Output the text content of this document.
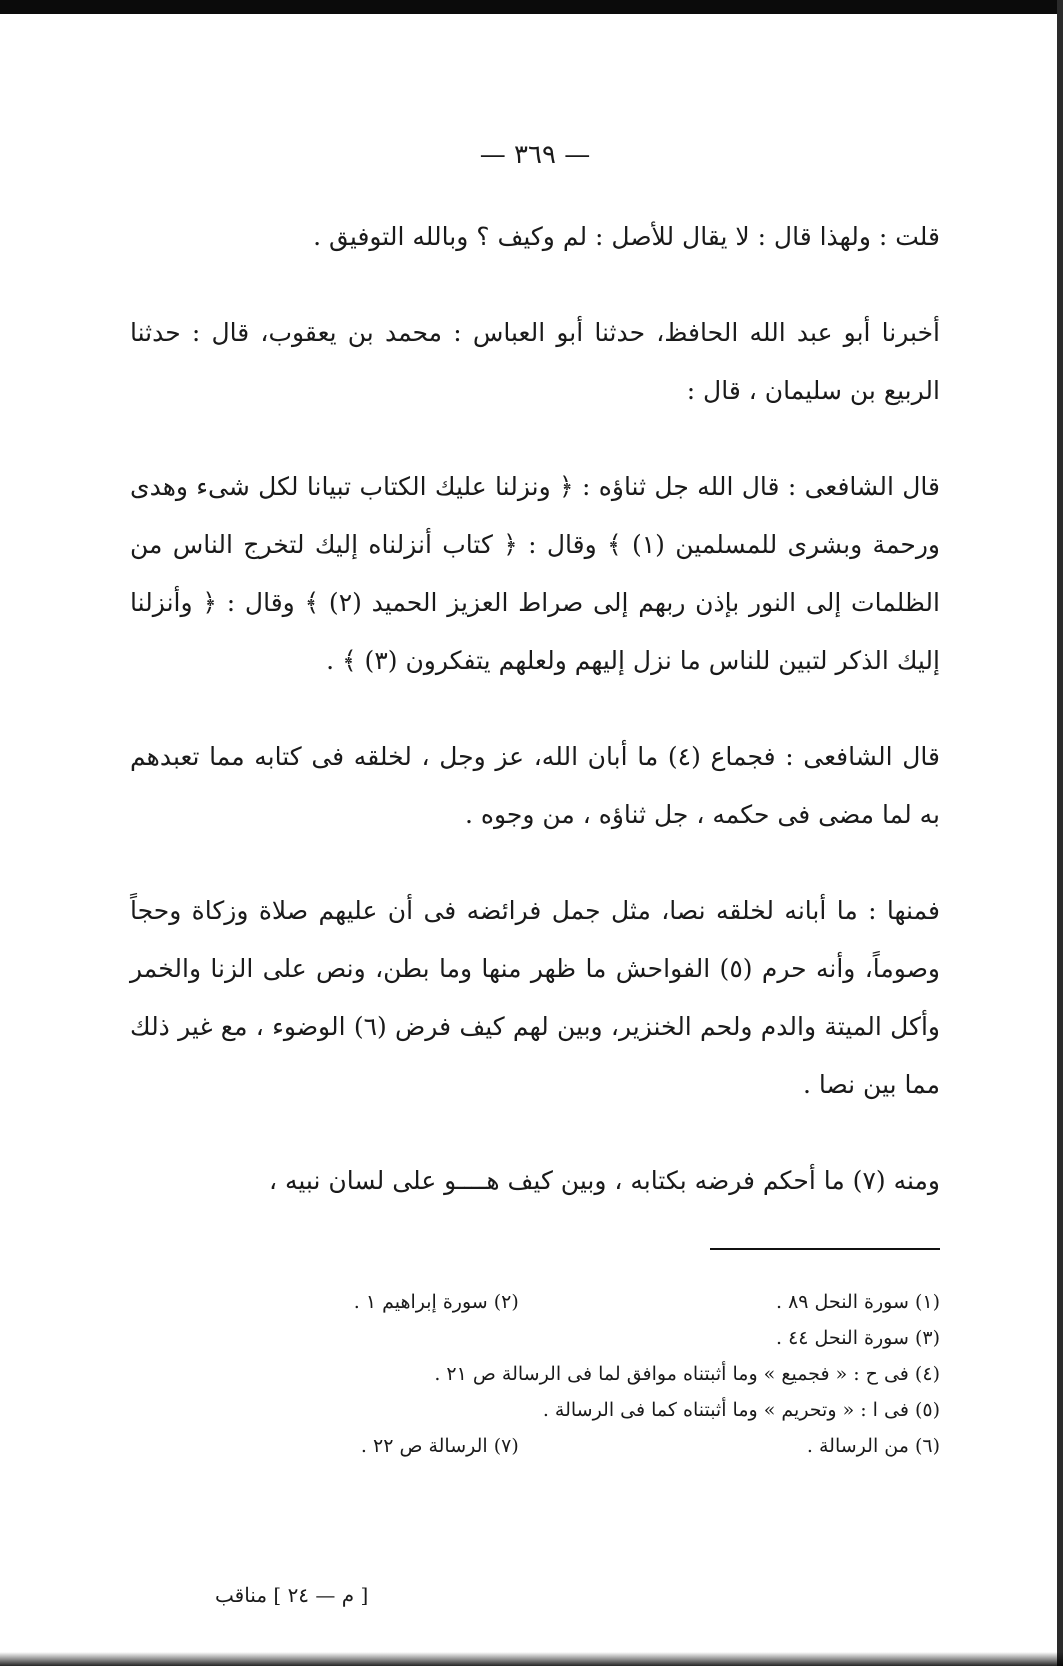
— ٣٦٩ —

قلت : ولهذا قال : لا يقال للأصل : لم وكيف ؟ وبالله التوفيق .

أخبرنا أبو عبد الله الحافظ، حدثنا أبو العباس : محمد بن يعقوب، قال : حدثنا الربيع بن سليمان ، قال :

قال الشافعى : قال الله جل ثناؤه : ﴿ ونزلنا عليك الكتاب تبيانا لكل شىء وهدى ورحمة وبشرى للمسلمين (١) ﴾ وقال : ﴿ كتاب أنزلناه إليك لتخرج الناس من الظلمات إلى النور بإذن ربهم إلى صراط العزيز الحميد (٢) ﴾ وقال : ﴿ وأنزلنا إليك الذكر لتبين للناس ما نزل إليهم ولعلهم يتفكرون (٣) ﴾ .

قال الشافعى : فجماع (٤) ما أبان الله، عز وجل ، لخلقه فى كتابه مما تعبدهم به لما مضى فى حكمه ، جل ثناؤه ، من وجوه .

فمنها : ما أبانه لخلقه نصا، مثل جمل فرائضه فى أن عليهم صلاة وزكاة وحجاً وصوماً، وأنه حرم (٥) الفواحش ما ظهر منها وما بطن، ونص على الزنا والخمر وأكل الميتة والدم ولحم الخنزير، وبين لهم كيف فرض (٦) الوضوء ، مع غير ذلك مما بين نصا .

ومنه (٧) ما أحكم فرضه بكتابه ، وبين كيف هــــو على لسان نبيه ،

(١) سورة النحل ٨٩ .
(٢) سورة إبراهيم ١ .
(٣) سورة النحل ٤٤ .
(٤) فى ح : « فجميع » وما أثبتناه موافق لما فى الرسالة ص ٢١ .
(٥) فى ا : « وتحريم » وما أثبتناه كما فى الرسالة .
(٦) من الرسالة .
(٧) الرسالة ص ٢٢ .
[ م — ٢٤ ] مناقب
